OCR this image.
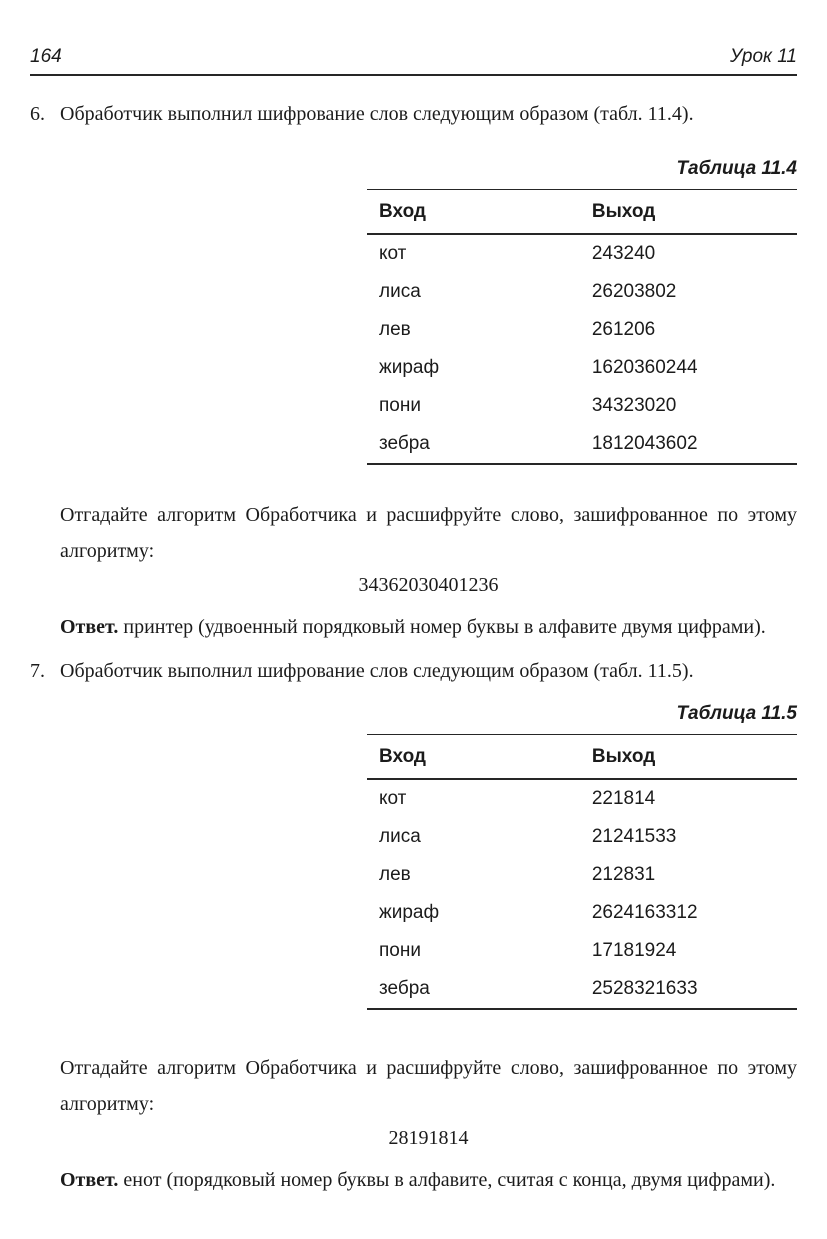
164	Урок 11
6. Обработчик выполнил шифрование слов следующим образом (табл. 11.4).
Таблица 11.4
Вход	Выход
кот	243240
лиса	26203802
лев	261206
жираф	1620360244
пони	34323020
зебра	1812043602

Отгадайте алгоритм Обработчика и расшифруйте слово, зашифрованное по этому алгоритму:

34362030401236

Ответ. принтер (удвоенный порядковый номер буквы в алфавите двумя цифрами).

7. Обработчик выполнил шифрование слов следующим образом (табл. 11.5).
Таблица 11.5
Вход	Выход
кот	221814
лиса	21241533
лев	212831
жираф	2624163312
пони	17181924
зебра	2528321633

Отгадайте алгоритм Обработчика и расшифруйте слово, зашифрованное по этому алгоритму:

28191814

Ответ. енот (порядковый номер буквы в алфавите, считая с конца, двумя цифрами).
